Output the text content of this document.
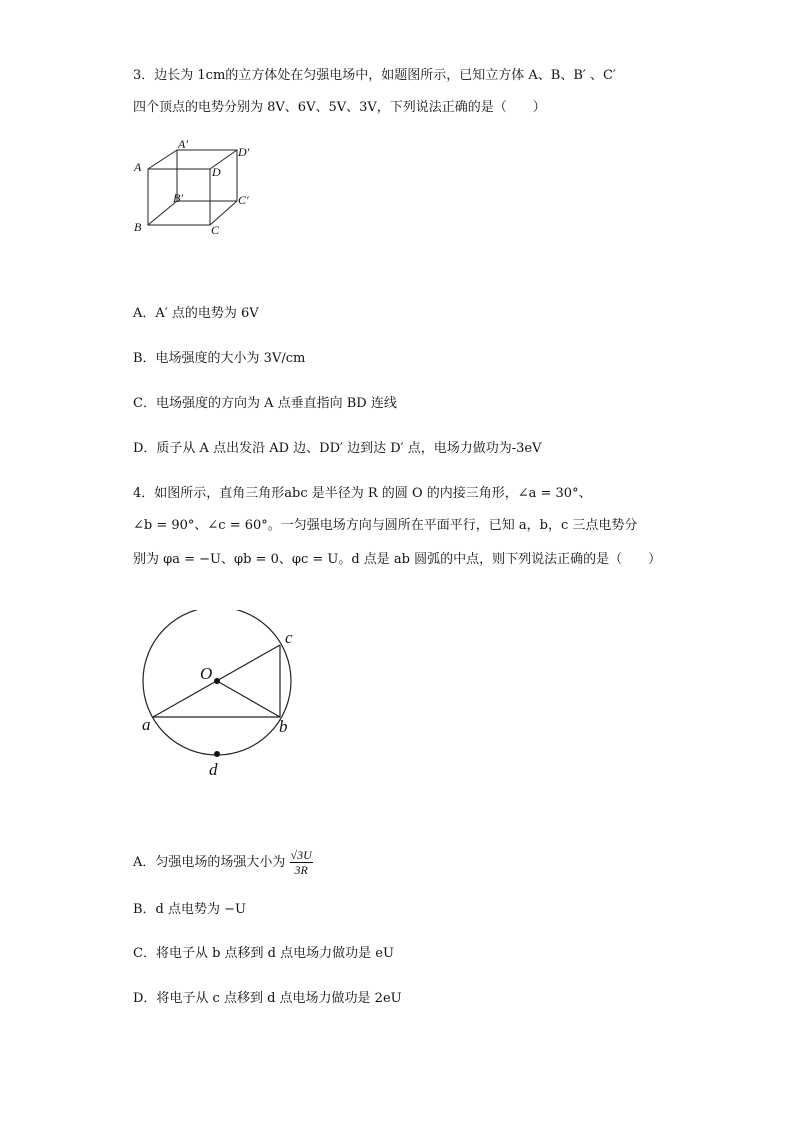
3．边长为 1cm的立方体处在匀强电场中，如题图所示，已知立方体 A、B、B′ 、C′
四个顶点的电势分别为 8V、6V、5V、3V，下列说法正确的是（　　）
A
A′
D
D′
B′	C′
B	C
A．A′ 点的电势为 6V
B．电场强度的大小为 3V/cm
C．电场强度的方向为 A 点垂直指向 BD 连线
D．质子从 A 点出发沿 AD 边、DD′ 边到达 D′ 点，电场力做功为-3eV
4．如图所示，直角三角形abc 是半径为 R 的圆 O 的内接三角形，∠a = 30°、
∠b = 90°、∠c = 60°。一匀强电场方向与圆所在平面平行，已知 a，b，c 三点电势分
别为 φa = −U、φb = 0、φc = U。d 点是 ab 圆弧的中点，则下列说法正确的是（　　）
O
a	b
c
d
A．匀强电场的场强大小为 $\frac{√3U}{3R}$
B．d 点电势为 −U
C．将电子从 b 点移到 d 点电场力做功是 eU
D．将电子从 c 点移到 d 点电场力做功是 2eU
